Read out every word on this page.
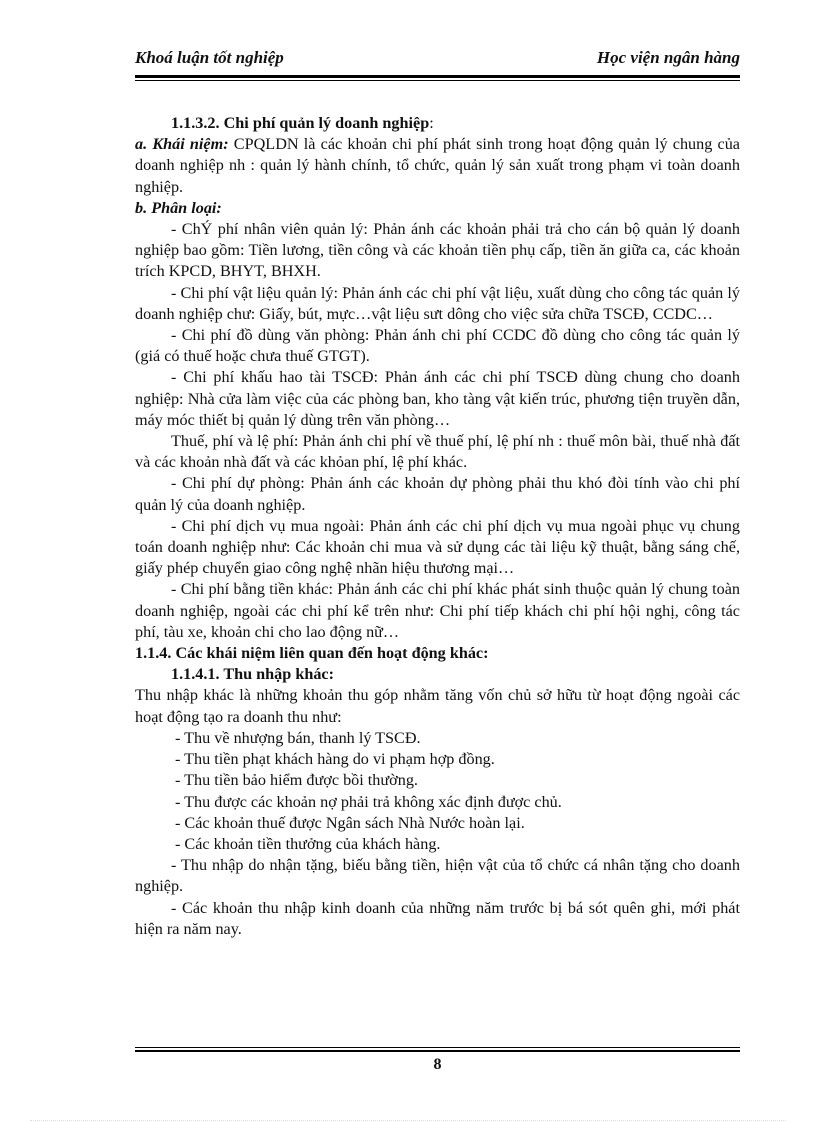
Khoá luận tốt nghiệp	Học viện ngân hàng

1.1.3.2. Chi phí quản lý doanh nghiệp:

a. Khái niệm: CPQLDN là các khoản chi phí phát sinh trong hoạt động quản lý chung của doanh nghiệp nh : quản lý hành chính, tổ chức, quản lý sản xuất trong phạm vi toàn doanh nghiệp.

b. Phân loại:

- ChÝ phí nhân viên quản lý: Phản ánh các khoản phải trả cho cán bộ quản lý doanh nghiệp bao gồm: Tiền lương, tiền công và các khoản tiền phụ cấp, tiền ăn giữa ca, các khoản trích KPCD, BHYT, BHXH.

- Chi phí vật liệu quản lý: Phản ánh các chi phí vật liệu, xuất dùng cho công tác quản lý doanh nghiệp chư: Giấy, bút, mực…vật liệu sưt dông cho việc sửa chữa TSCĐ, CCDC…

- Chi phí đồ dùng văn phòng: Phản ánh chi phí CCDC đồ dùng cho công tác quản lý (giá có thuế hoặc chưa thuế GTGT).

- Chi phí khấu hao tài TSCĐ: Phản ánh các chi phí TSCĐ dùng chung cho doanh nghiệp: Nhà cửa làm việc của các phòng ban, kho tàng vật kiến trúc, phương tiện truyền dẫn, máy móc thiết bị quản lý dùng trên văn phòng…

Thuế, phí và lệ phí: Phản ánh chi phí về thuế phí, lệ phí nh : thuế môn bài, thuế nhà đất và các khoản nhà đất và các khỏan phí, lệ phí khác.

- Chi phí dự phòng: Phản ánh các khoản dự phòng phải thu khó đòi tính vào chi phí quản lý của doanh nghiệp.

- Chi phí dịch vụ mua ngoài: Phản ánh các chi phí dịch vụ mua ngoài phục vụ chung toán doanh nghiệp như: Các khoản chi mua và sử dụng các tài liệu kỹ thuật, bằng sáng chế, giấy phép chuyển giao công nghệ nhãn hiệu thương mại…

- Chi phí bằng tiền khác: Phản ánh các chi phí khác phát sinh thuộc quản lý chung toàn doanh nghiệp, ngoài các chi phí kể trên như: Chi phí tiếp khách chi phí hội nghị, công tác phí, tàu xe, khoản chi cho lao động nữ…

1.1.4. Các khái niệm liên quan đến hoạt động khác:

1.1.4.1. Thu nhập khác:

Thu nhập khác là những khoản thu góp nhằm tăng vốn chủ sở hữu từ hoạt động ngoài các hoạt động tạo ra doanh thu như:

- Thu về nhượng bán, thanh lý TSCĐ.

- Thu tiền phạt khách hàng do vi phạm hợp đồng.

- Thu tiền bảo hiểm được bồi thường.

- Thu được các khoản nợ phải trả không xác định được chủ.

- Các khoản thuế được Ngân sách Nhà Nước hoàn lại.

- Các khoản tiền thưởng của khách hàng.

- Thu nhập do nhận tặng, biếu bằng tiền, hiện vật của tổ chức cá nhân tặng cho doanh nghiệp.

- Các khoản thu nhập kinh doanh của những năm trước bị bá sót quên ghi, mới phát hiện ra năm nay.

8
